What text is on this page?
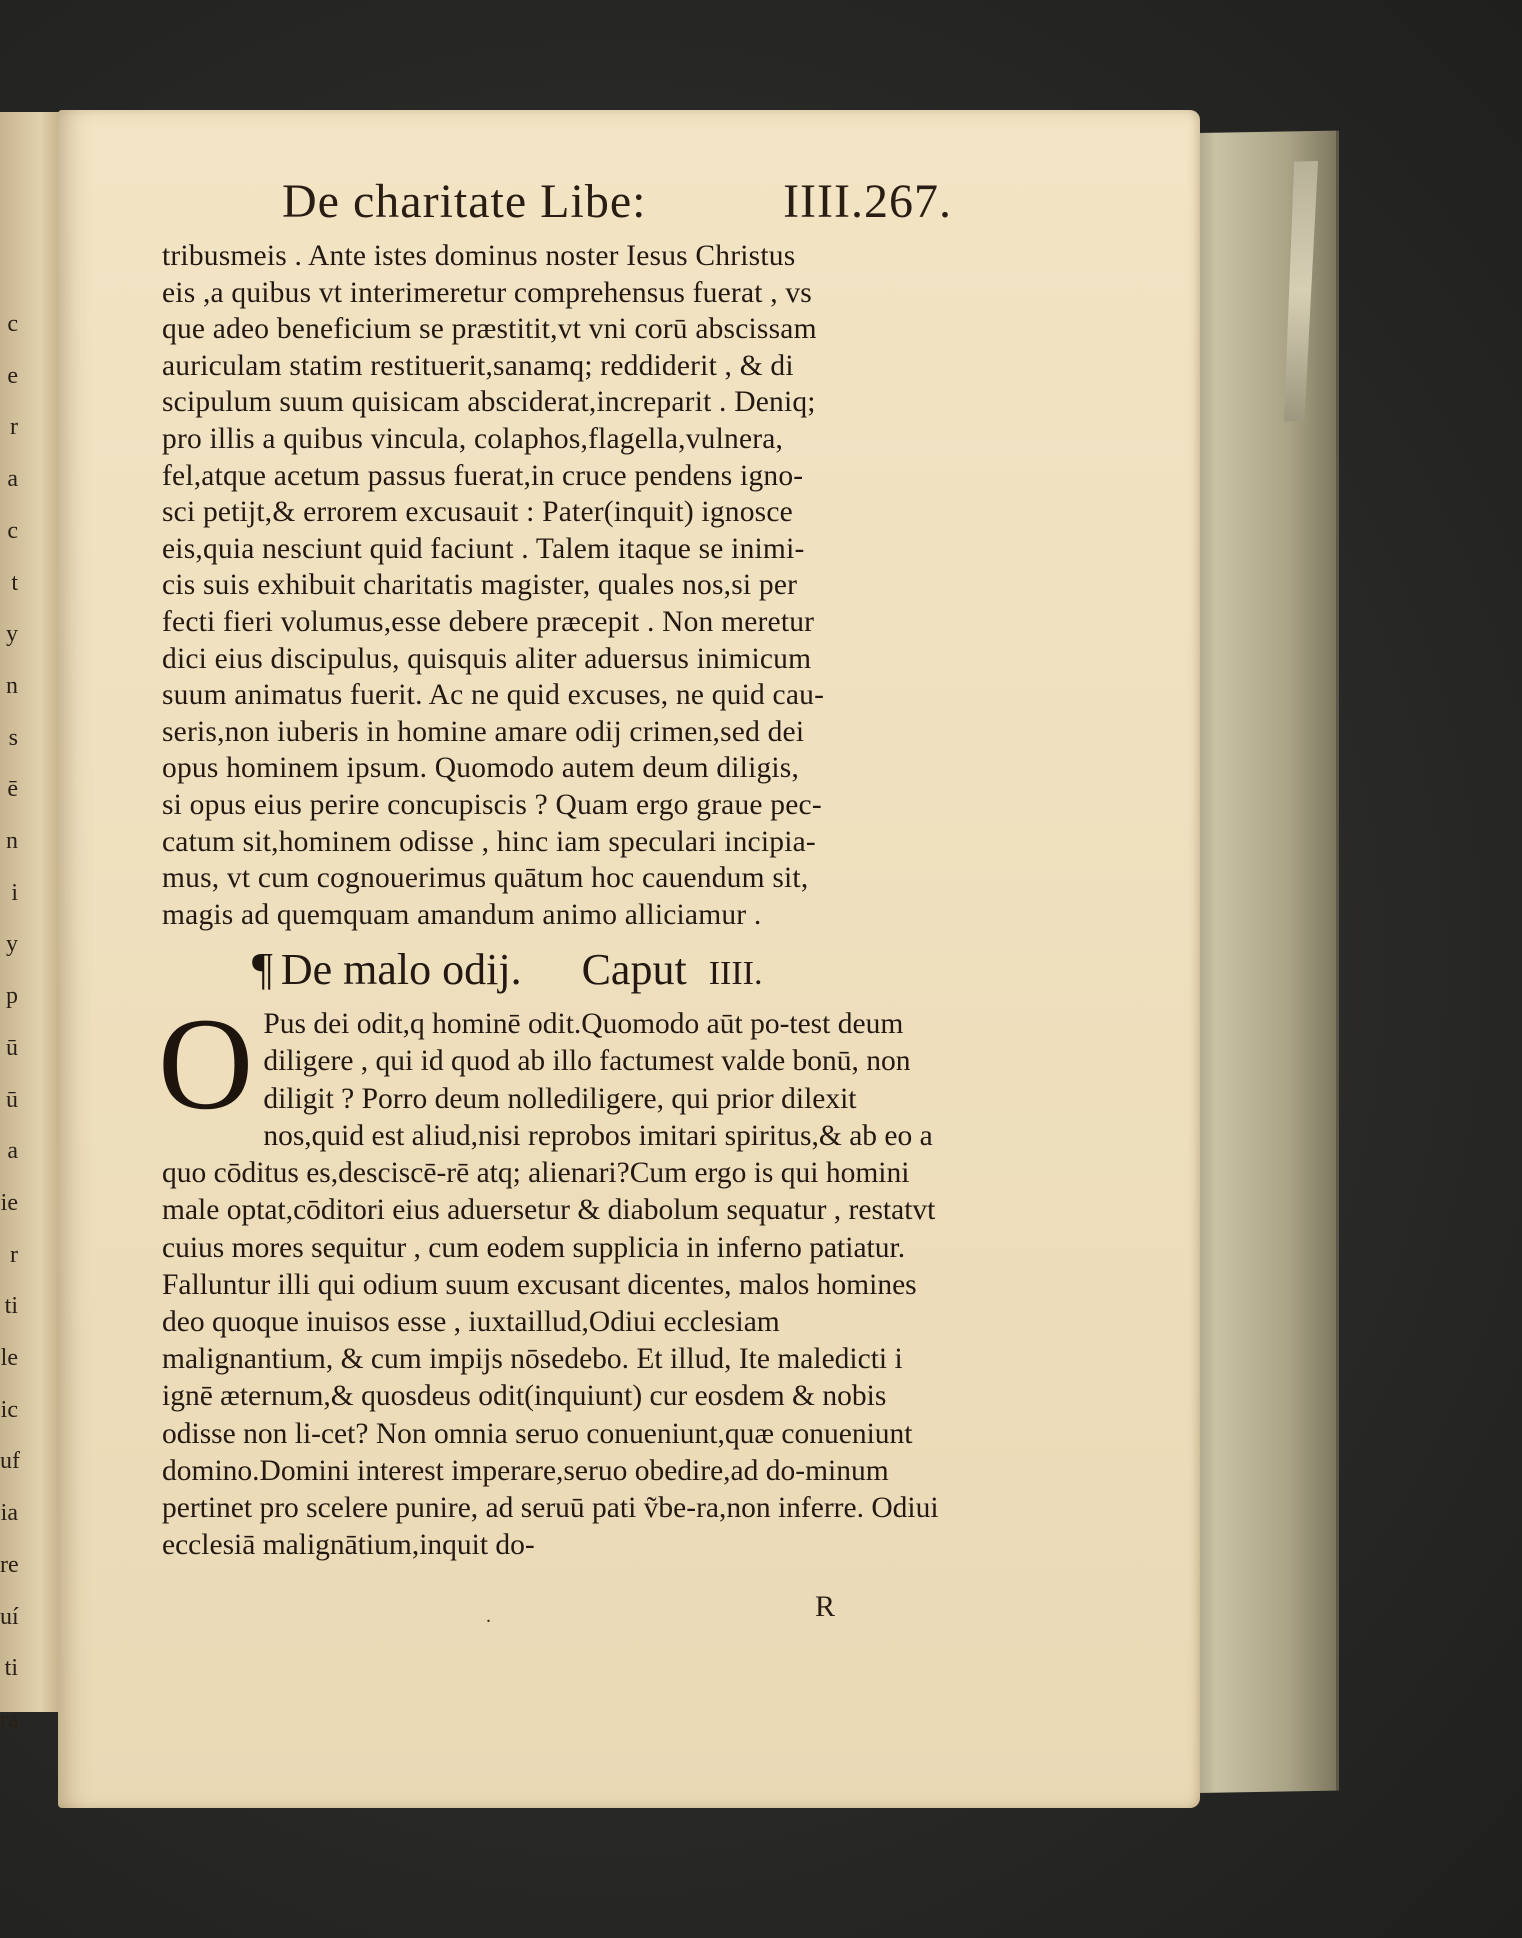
c
e
r
a
c
t
y
n
s
ē
n
i
y
p
ū
ū
a
ie
r
ti
le
ic
uf
ia
re
uí
ti
ra
De charitate Libe:	IIII.267.
tribusmeis . Ante istes dominus noster Iesus Christus
eis ,a quibus vt interimeretur comprehensus fuerat , vs
que adeo beneficium se præstitit,vt vni corū abscissam
auriculam statim restituerit,sanamq; reddiderit , & di
scipulum suum quisicam absciderat,increparit . Deniq;
pro illis a quibus vincula, colaphos,flagella,vulnera,
fel,atque acetum passus fuerat,in cruce pendens igno-
sci petijt,& errorem excusauit : Pater(inquit) ignosce
eis,quia nesciunt quid faciunt . Talem itaque se inimi-
cis suis exhibuit charitatis magister, quales nos,si per
fecti fieri volumus,esse debere præcepit . Non meretur
dici eius discipulus, quisquis aliter aduersus inimicum
suum animatus fuerit. Ac ne quid excuses, ne quid cau-
seris,non iuberis in homine amare odij crimen,sed dei
opus hominem ipsum. Quomodo autem deum diligis,
si opus eius perire concupiscis ? Quam ergo graue pec-
catum sit,hominem odisse , hinc iam speculari incipia-
mus, vt cum cognouerimus quātum hoc cauendum sit,
magis ad quemquam amandum animo alliciamur .
¶ De malo odij. Caput IIII.
O Pus dei odit,q hominē odit.Quomodo aūt po-test deum diligere , qui id quod ab illo factumest valde bonū, non diligit ? Porro deum nollediligere, qui prior dilexit nos,quid est aliud,nisi reprobos imitari spiritus,& ab eo a quo cōditus es,desciscē-rē atq; alienari?Cum ergo is qui homini male optat,cōditori eius aduersetur & diabolum sequatur , restatvt cuius mores sequitur , cum eodem supplicia in inferno patiatur. Falluntur illi qui odium suum excusant dicentes, malos homines deo quoque inuisos esse , iuxtaillud,Odiui ecclesiam malignantium, & cum impijs nōsedebo. Et illud, Ite maledicti i ignē æternum,& quosdeus odit(inquiunt) cur eosdem & nobis odisse non li-cet? Non omnia seruo conueniunt,quæ conueniunt domino.Domini interest imperare,seruo obedire,ad do-minum pertinet pro scelere punire, ad seruū pati ṽbe-ra,non inferre. Odiui ecclesiā malignātium,inquit do-
.	R
